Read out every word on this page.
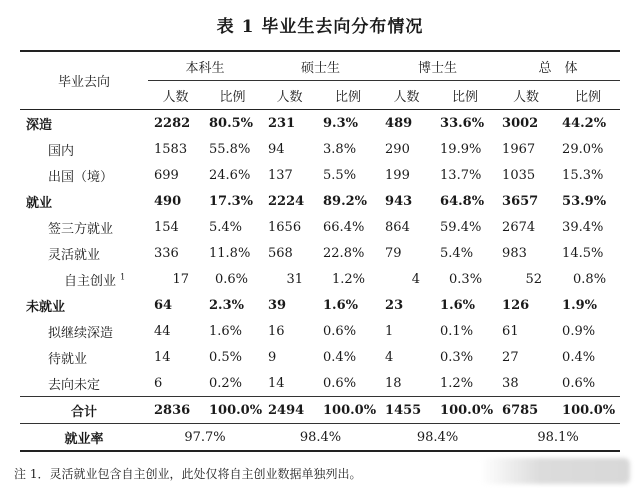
表 1 毕业生去向分布情况
毕业去向	本科生		硕士生		博士生		总　体	
	人数	比例	人数	比例	人数	比例	人数	比例
深造	2282	80.5%	231	9.3%	489	33.6%	3002	44.2%
国内	1583	55.8%	94	3.8%	290	19.9%	1967	29.0%
出国（境）	699	24.6%	137	5.5%	199	13.7%	1035	15.3%
就业	490	17.3%	2224	89.2%	943	64.8%	3657	53.9%
签三方就业	154	5.4%	1656	66.4%	864	59.4%	2674	39.4%
灵活就业	336	11.8%	568	22.8%	79	5.4%	983	14.5%
自主创业 $^1$	17	0.6%	31	1.2%	4	0.3%	52	0.8%
未就业	64	2.3%	39	1.6%	23	1.6%	126	1.9%
拟继续深造	44	1.6%	16	0.6%	1	0.1%	61	0.9%
待就业	14	0.5%	9	0.4%	4	0.3%	27	0.4%
去向未定	6	0.2%	14	0.6%	18	1.2%	38	0.6%
合计	2836	100.0%	2494	100.0%	1455	100.0%	6785	100.0%
就业率	97.7%		98.4%		98.4%		98.1%	
注 1．灵活就业包含自主创业，此处仅将自主创业数据单独列出。
